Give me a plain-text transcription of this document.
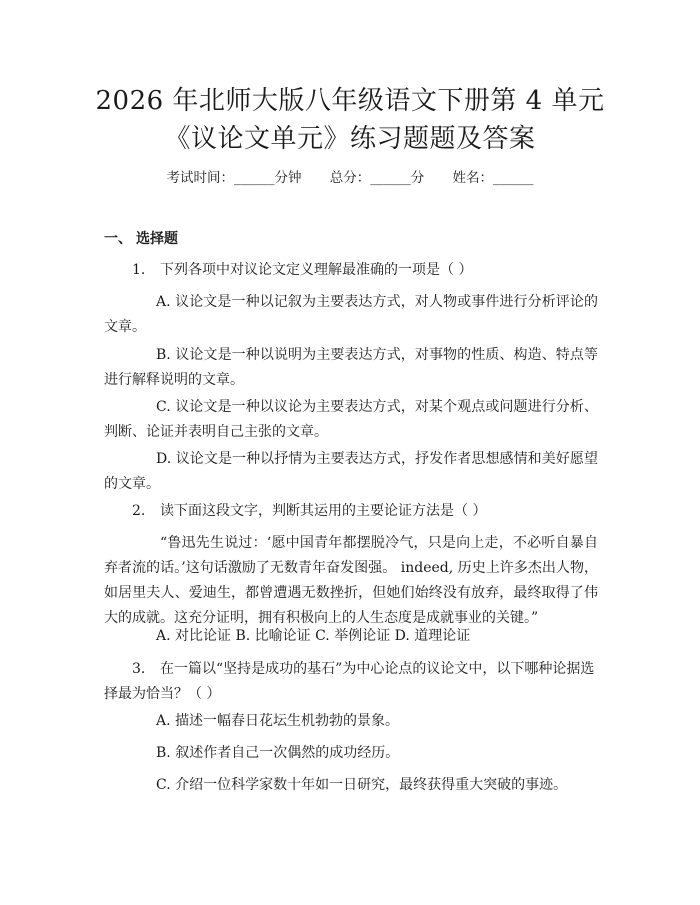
2026 年北师大版八年级语文下册第 4 单元
《议论文单元》练习题题及答案
考试时间：______分钟 总分：______分 姓名：______
一、 选择题
1. 下列各项中对议论文定义理解最准确的一项是（ ）
A. 议论文是一种以记叙为主要表达方式，对人物或事件进行分析评论的文章。
B. 议论文是一种以说明为主要表达方式，对事物的性质、构造、特点等进行解释说明的文章。
C. 议论文是一种以议论为主要表达方式，对某个观点或问题进行分析、判断、论证并表明自己主张的文章。
D. 议论文是一种以抒情为主要表达方式，抒发作者思想感情和美好愿望的文章。
2. 读下面这段文字，判断其运用的主要论证方法是（ ）
“鲁迅先生说过：‘愿中国青年都摆脱冷气，只是向上走，不必听自暴自弃者流的话。’这句话激励了无数青年奋发图强。 indeed, 历史上许多杰出人物，如居里夫人、爱迪生，都曾遭遇无数挫折，但她们始终没有放弃，最终取得了伟大的成就。这充分证明，拥有积极向上的人生态度是成就事业的关键。”
A. 对比论证 B. 比喻论证 C. 举例论证 D. 道理论证
3. 在一篇以“坚持是成功的基石”为中心论点的议论文中，以下哪种论据选择最为恰当？（ ）
A. 描述一幅春日花坛生机勃勃的景象。
B. 叙述作者自己一次偶然的成功经历。
C. 介绍一位科学家数十年如一日研究，最终获得重大突破的事迹。
